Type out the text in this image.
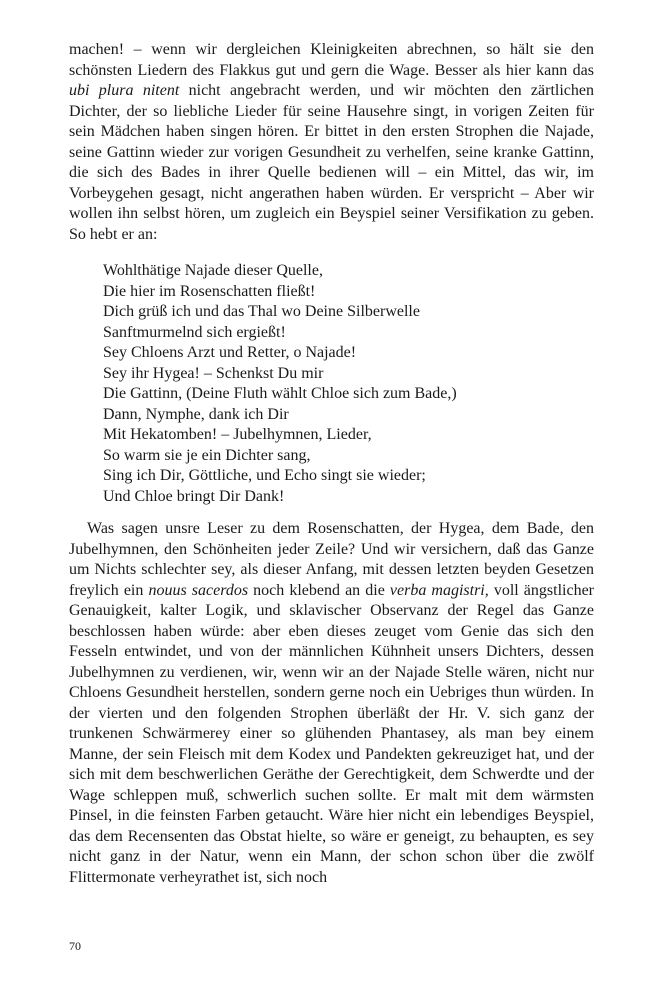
machen! – wenn wir dergleichen Kleinigkeiten abrechnen, so hält sie den schönsten Liedern des Flakkus gut und gern die Wage. Besser als hier kann das ubi plura nitent nicht angebracht werden, und wir möchten den zärtlichen Dichter, der so liebliche Lieder für seine Hausehre singt, in vorigen Zeiten für sein Mädchen haben singen hören. Er bittet in den ersten Strophen die Najade, seine Gattinn wieder zur vorigen Gesundheit zu verhelfen, seine kranke Gattinn, die sich des Bades in ihrer Quelle bedienen will – ein Mittel, das wir, im Vorbeygehen gesagt, nicht angerathen haben würden. Er verspricht – Aber wir wollen ihn selbst hören, um zugleich ein Beyspiel seiner Versifikation zu geben. So hebt er an:

Wohlthätige Najade dieser Quelle,
Die hier im Rosenschatten fließt!
Dich grüß ich und das Thal wo Deine Silberwelle
Sanftmurmelnd sich ergießt!
Sey Chloens Arzt und Retter, o Najade!
Sey ihr Hygea! – Schenkst Du mir
Die Gattinn, (Deine Fluth wählt Chloe sich zum Bade,)
Dann, Nymphe, dank ich Dir
Mit Hekatomben! – Jubelhymnen, Lieder,
So warm sie je ein Dichter sang,
Sing ich Dir, Göttliche, und Echo singt sie wieder;
Und Chloe bringt Dir Dank!

Was sagen unsre Leser zu dem Rosenschatten, der Hygea, dem Bade, den Jubelhymnen, den Schönheiten jeder Zeile? Und wir versichern, daß das Ganze um Nichts schlechter sey, als dieser Anfang, mit dessen letzten beyden Gesetzen freylich ein nouus sacerdos noch klebend an die verba magistri, voll ängstlicher Genauigkeit, kalter Logik, und sklavischer Observanz der Regel das Ganze beschlossen haben würde: aber eben dieses zeuget vom Genie das sich den Fesseln entwindet, und von der männlichen Kühnheit unsers Dichters, dessen Jubelhymnen zu verdienen, wir, wenn wir an der Najade Stelle wären, nicht nur Chloens Gesundheit herstellen, sondern gerne noch ein Uebriges thun würden. In der vierten und den folgenden Strophen überläßt der Hr. V. sich ganz der trunkenen Schwärmerey einer so glühenden Phantasey, als man bey einem Manne, der sein Fleisch mit dem Kodex und Pandekten gekreuziget hat, und der sich mit dem beschwerlichen Geräthe der Gerechtigkeit, dem Schwerdte und der Wage schleppen muß, schwerlich suchen sollte. Er malt mit dem wärmsten Pinsel, in die feinsten Farben getaucht. Wäre hier nicht ein lebendiges Beyspiel, das dem Recensenten das Obstat hielte, so wäre er geneigt, zu behaupten, es sey nicht ganz in der Natur, wenn ein Mann, der schon schon über die zwölf Flittermonate verheyrathet ist, sich noch

70
